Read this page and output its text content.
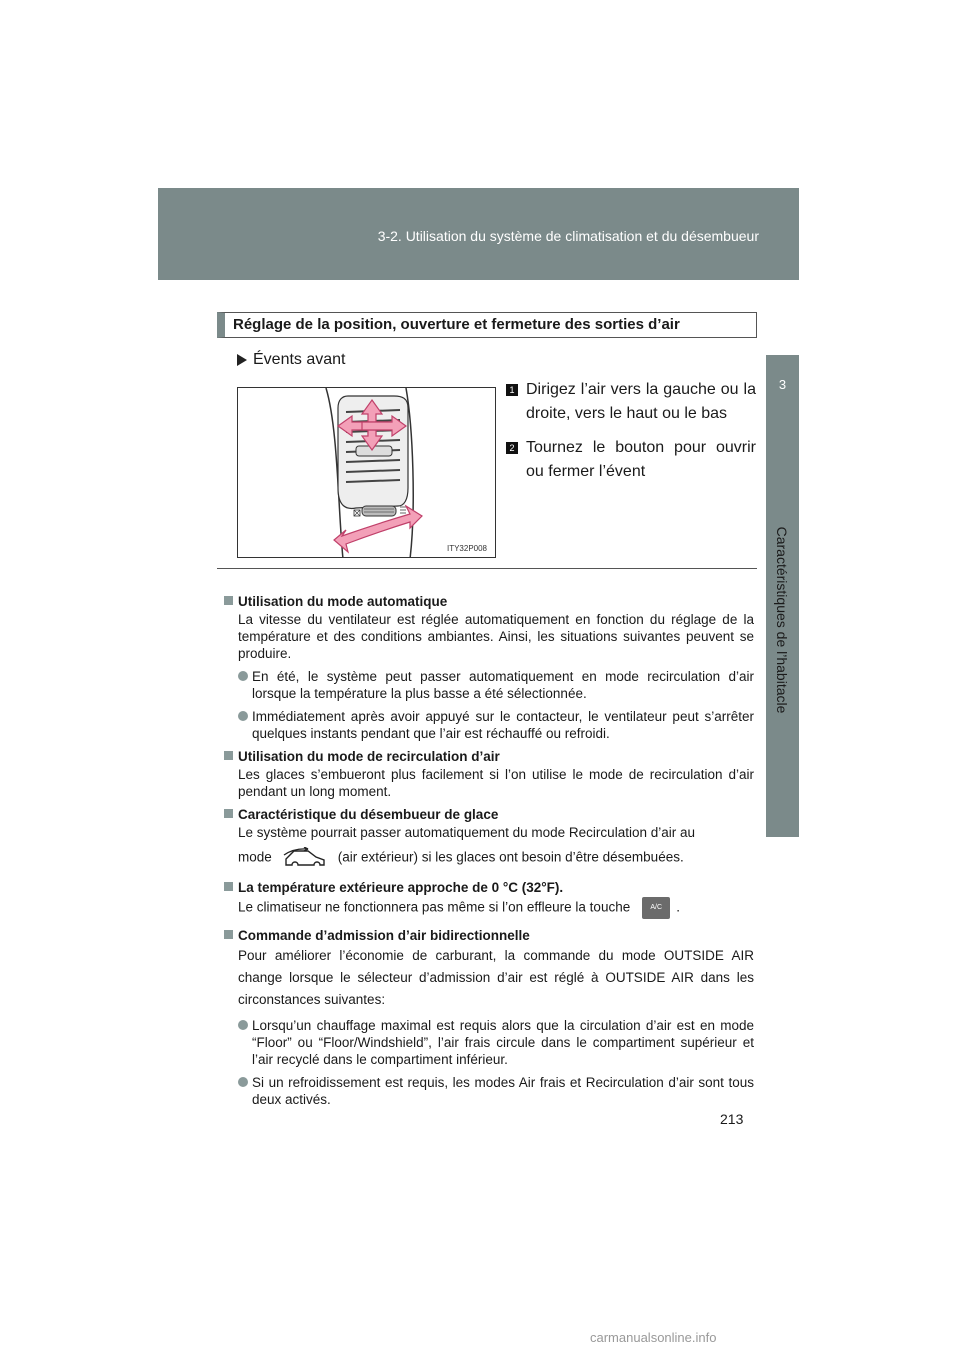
3-2. Utilisation du système de climatisation et du désembueur
3
Caractéristiques de l’habitacle
Réglage de la position, ouverture et fermeture des sorties d’air
Évents avant
ITY32P008
1 Dirigez l’air vers la gauche ou la droite, vers le haut ou le bas
2 Tournez le bouton pour ouvrir ou fermer l’évent
Utilisation du mode automatique
La vitesse du ventilateur est réglée automatiquement en fonction du réglage de la température et des conditions ambiantes. Ainsi, les situations suivantes peuvent se produire.
En été, le système peut passer automatiquement en mode recirculation d’air lorsque la température la plus basse a été sélectionnée.
Immédiatement après avoir appuyé sur le contacteur, le ventilateur peut s’arrêter quelques instants pendant que l’air est réchauffé ou refroidi.
Utilisation du mode de recirculation d’air
Les glaces s’embueront plus facilement si l’on utilise le mode de recirculation d’air pendant un long moment.
Caractéristique du désembueur de glace
Le système pourrait passer automatiquement du mode Recirculation d’air au
mode	(air extérieur) si les glaces ont besoin d’être désembuées.
La température extérieure approche de 0 °C (32°F).
Le climatiseur ne fonctionnera pas même si l’on effleure la touche	A/C .
Commande d’admission d’air bidirectionnelle
Pour améliorer l’économie de carburant, la commande du mode OUTSIDE AIR change lorsque le sélecteur d’admission d’air est réglé à OUTSIDE AIR dans les circonstances suivantes:
Lorsqu’un chauffage maximal est requis alors que la circulation d’air est en mode “Floor” ou “Floor/Windshield”, l’air frais circule dans le compartiment supérieur et l’air recyclé dans le compartiment inférieur.
Si un refroidissement est requis, les modes Air frais et Recirculation d’air sont tous deux activés.
213
carmanualsonline.info
